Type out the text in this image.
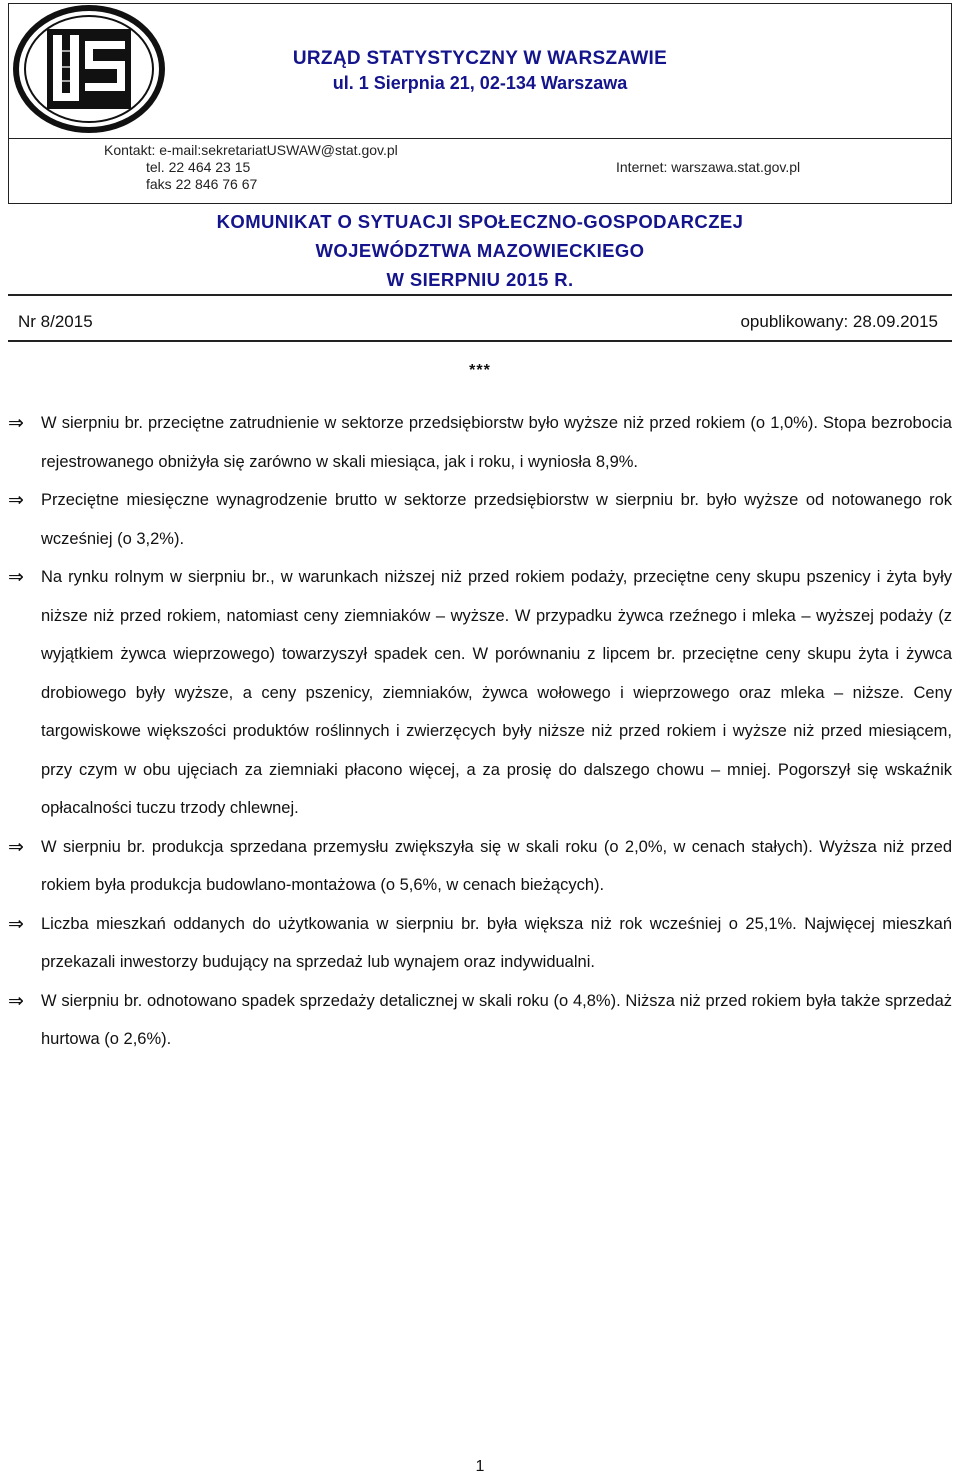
URZĄD STATYSTYCZNY W WARSZAWIE
ul. 1 Sierpnia 21, 02-134 Warszawa
Kontakt: e-mail:sekretariatUSWAW@stat.gov.pl
tel. 22 464 23 15
faks 22 846 76 67
Internet: warszawa.stat.gov.pl
KOMUNIKAT O SYTUACJI SPOŁECZNO-GOSPODARCZEJ
WOJEWÓDZTWA MAZOWIECKIEGO
W SIERPNIU 2015 R.
Nr 8/2015	opublikowany: 28.09.2015
***
⇒ W sierpniu br. przeciętne zatrudnienie w sektorze przedsiębiorstw było wyższe niż przed rokiem (o 1,0%). Stopa bezrobocia rejestrowanego obniżyła się zarówno w skali miesiąca, jak i roku, i wyniosła 8,9%.
⇒ Przeciętne miesięczne wynagrodzenie brutto w sektorze przedsiębiorstw w sierpniu br. było wyższe od notowanego rok wcześniej (o 3,2%).
⇒ Na rynku rolnym w sierpniu br., w warunkach niższej niż przed rokiem podaży, przeciętne ceny skupu pszenicy i żyta były niższe niż przed rokiem, natomiast ceny ziemniaków – wyższe. W przypadku żywca rzeźnego i mleka – wyższej podaży (z wyjątkiem żywca wieprzowego) towarzyszył spadek cen. W porównaniu z lipcem br. przeciętne ceny skupu żyta i żywca drobiowego były wyższe, a ceny pszenicy, ziemniaków, żywca wołowego i wieprzowego oraz mleka – niższe. Ceny targowiskowe większości produktów roślinnych i zwierzęcych były niższe niż przed rokiem i wyższe niż przed miesiącem, przy czym w obu ujęciach za ziemniaki płacono więcej, a za prosię do dalszego chowu – mniej. Pogorszył się wskaźnik opłacalności tuczu trzody chlewnej.
⇒ W sierpniu br. produkcja sprzedana przemysłu zwiększyła się w skali roku (o 2,0%, w cenach stałych). Wyższa niż przed rokiem była produkcja budowlano-montażowa (o 5,6%, w cenach bieżących).
⇒ Liczba mieszkań oddanych do użytkowania w sierpniu br. była większa niż rok wcześniej o 25,1%. Najwięcej mieszkań przekazali inwestorzy budujący na sprzedaż lub wynajem oraz indywidualni.
⇒ W sierpniu br. odnotowano spadek sprzedaży detalicznej w skali roku (o 4,8%). Niższa niż przed rokiem była także sprzedaż hurtowa (o 2,6%).
1
